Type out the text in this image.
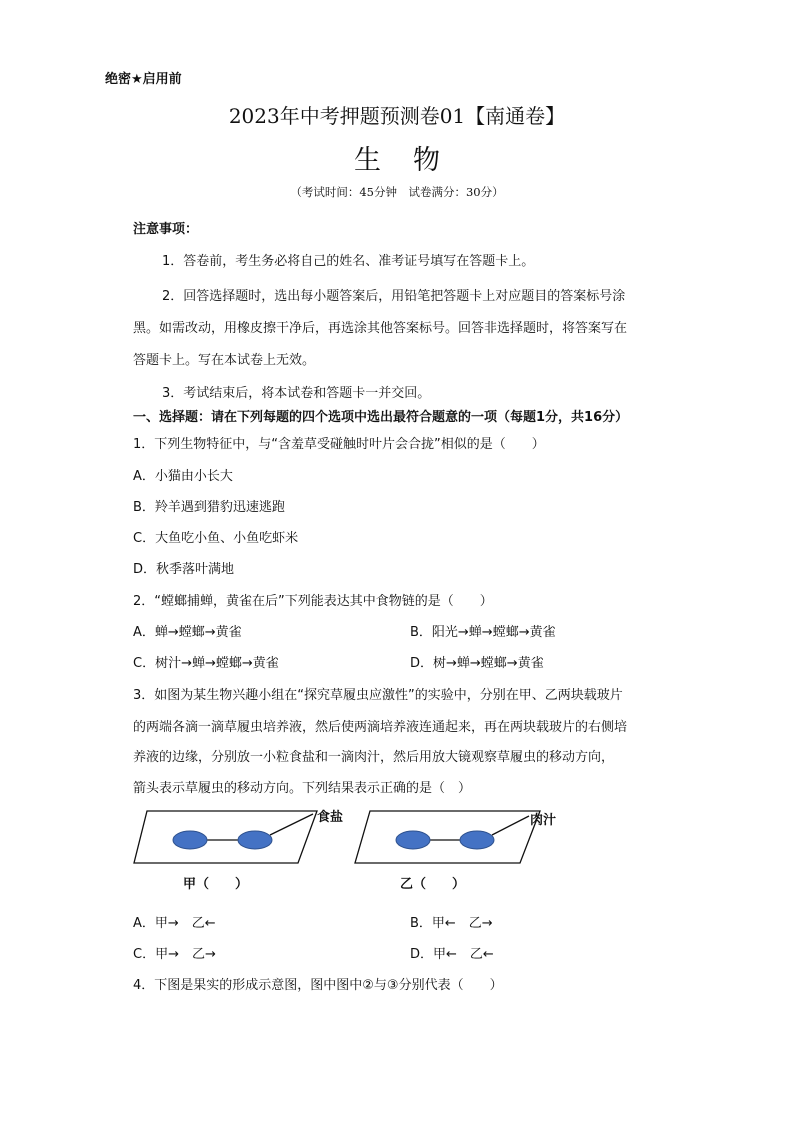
绝密★启用前
2023年中考押题预测卷01【南通卷】
生物
（考试时间：45分钟　试卷满分：30分）
注意事项：
1．答卷前，考生务必将自己的姓名、准考证号填写在答题卡上。
2．回答选择题时，选出每小题答案后，用铅笔把答题卡上对应题目的答案标号涂
黑。如需改动，用橡皮擦干净后，再选涂其他答案标号。回答非选择题时，将答案写在
答题卡上。写在本试卷上无效。
3．考试结束后，将本试卷和答题卡一并交回。
一、选择题：请在下列每题的四个选项中选出最符合题意的一项（每题1分，共16分）
1．下列生物特征中，与“含羞草受碰触时叶片会合拢”相似的是（　　）
A．小猫由小长大
B．羚羊遇到猎豹迅速逃跑
C．大鱼吃小鱼、小鱼吃虾米
D．秋季落叶满地
2．“螳螂捕蝉，黄雀在后”下列能表达其中食物链的是（　　）
A．蝉→螳螂→黄雀	B．阳光→蝉→螳螂→黄雀
C．树汁→蝉→螳螂→黄雀	D．树→蝉→螳螂→黄雀
3．如图为某生物兴趣小组在“探究草履虫应激性”的实验中，分别在甲、乙两块载玻片
的两端各滴一滴草履虫培养液，然后使两滴培养液连通起来，再在两块载玻片的右侧培
养液的边缘，分别放一小粒食盐和一滴肉汁，然后用放大镜观察草履虫的移动方向，
箭头表示草履虫的移动方向。下列结果表示正确的是（　）
食盐
甲（　　）
肉汁
乙（　　）
A．甲→　乙←	B．甲←　乙→
C．甲→　乙→	D．甲←　乙←
4．下图是果实的形成示意图，图中图中②与③分别代表（　　）
